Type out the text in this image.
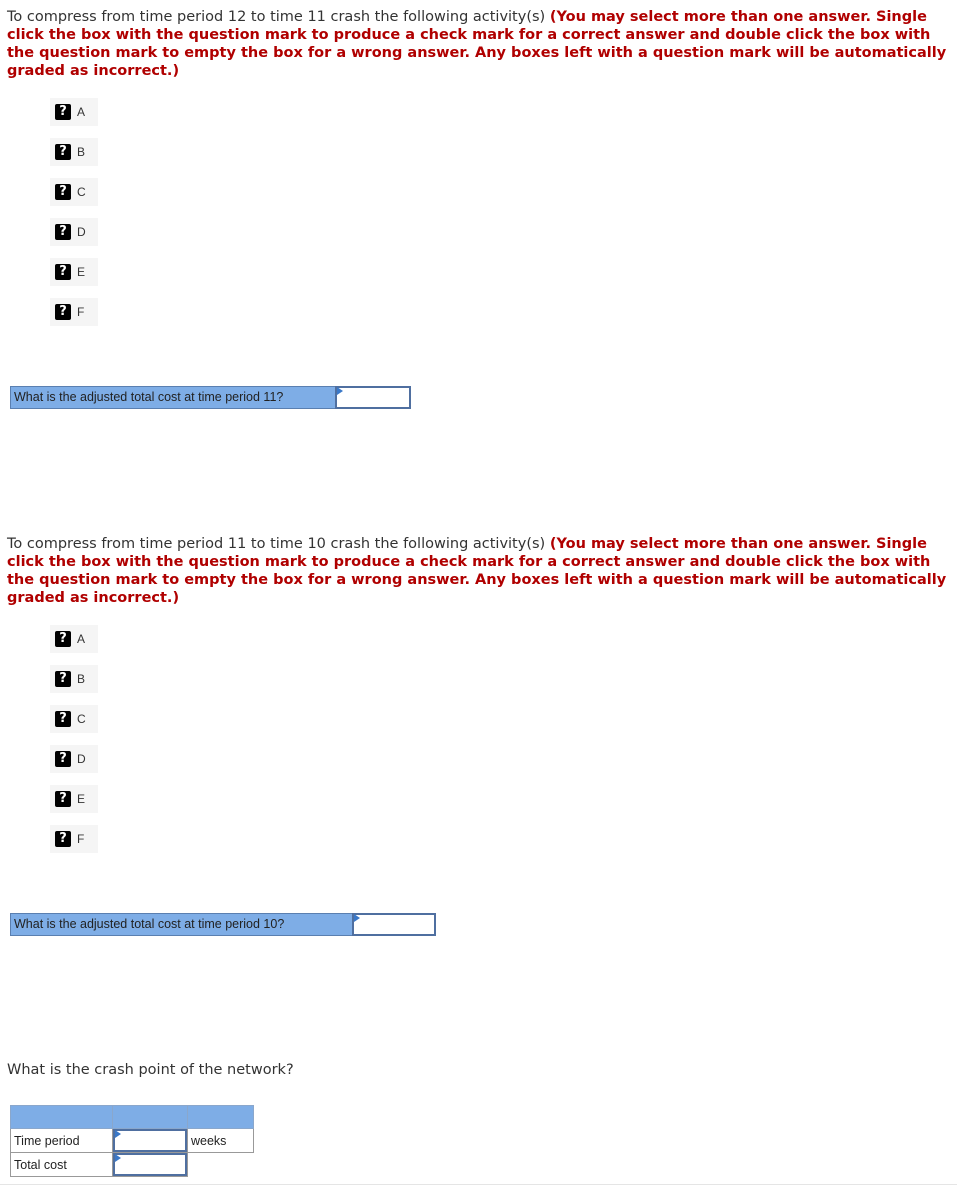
To compress from time period 12 to time 11 crash the following activity(s) (You may select more than one answer. Single click the box with the question mark to produce a check mark for a correct answer and double click the box with the question mark to empty the box for a wrong answer. Any boxes left with a question mark will be automatically graded as incorrect.)
? A
? B
? C
? D
? E
? F
What is the adjusted total cost at time period 11?
To compress from time period 11 to time 10 crash the following activity(s) (You may select more than one answer. Single click the box with the question mark to produce a check mark for a correct answer and double click the box with the question mark to empty the box for a wrong answer. Any boxes left with a question mark will be automatically graded as incorrect.)
? A
? B
? C
? D
? E
? F
What is the adjusted total cost at time period 10?
What is the crash point of the network?

Time period		weeks
Total cost	
